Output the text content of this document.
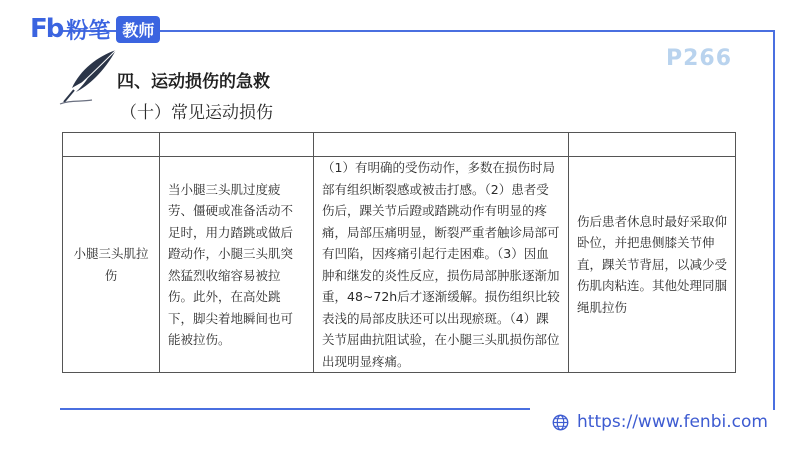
Fb 粉笔 教师
P266
四、运动损伤的急救
（十）常见运动损伤

小腿三头肌拉伤	当小腿三头肌过度疲劳、僵硬或准备活动不足时，用力踏跳或做后蹬动作，小腿三头肌突然猛烈收缩容易被拉伤。此外，在高处跳下，脚尖着地瞬间也可能被拉伤。	（1）有明确的受伤动作，多数在损伤时局部有组织断裂感或被击打感。（2）患者受伤后，踝关节后蹬或踏跳动作有明显的疼痛，局部压痛明显，断裂严重者触诊局部可有凹陷，因疼痛引起行走困难。（3）因血肿和继发的炎性反应，损伤局部肿胀逐渐加重，48~72h后才逐渐缓解。损伤组织比较表浅的局部皮肤还可以出现瘀斑。（4）踝关节屈曲抗阻试验，在小腿三头肌损伤部位出现明显疼痛。	伤后患者休息时最好采取仰卧位，并把患侧膝关节伸直，踝关节背屈，以减少受伤肌肉粘连。其他处理同腘绳肌拉伤
https://www.fenbi.com
